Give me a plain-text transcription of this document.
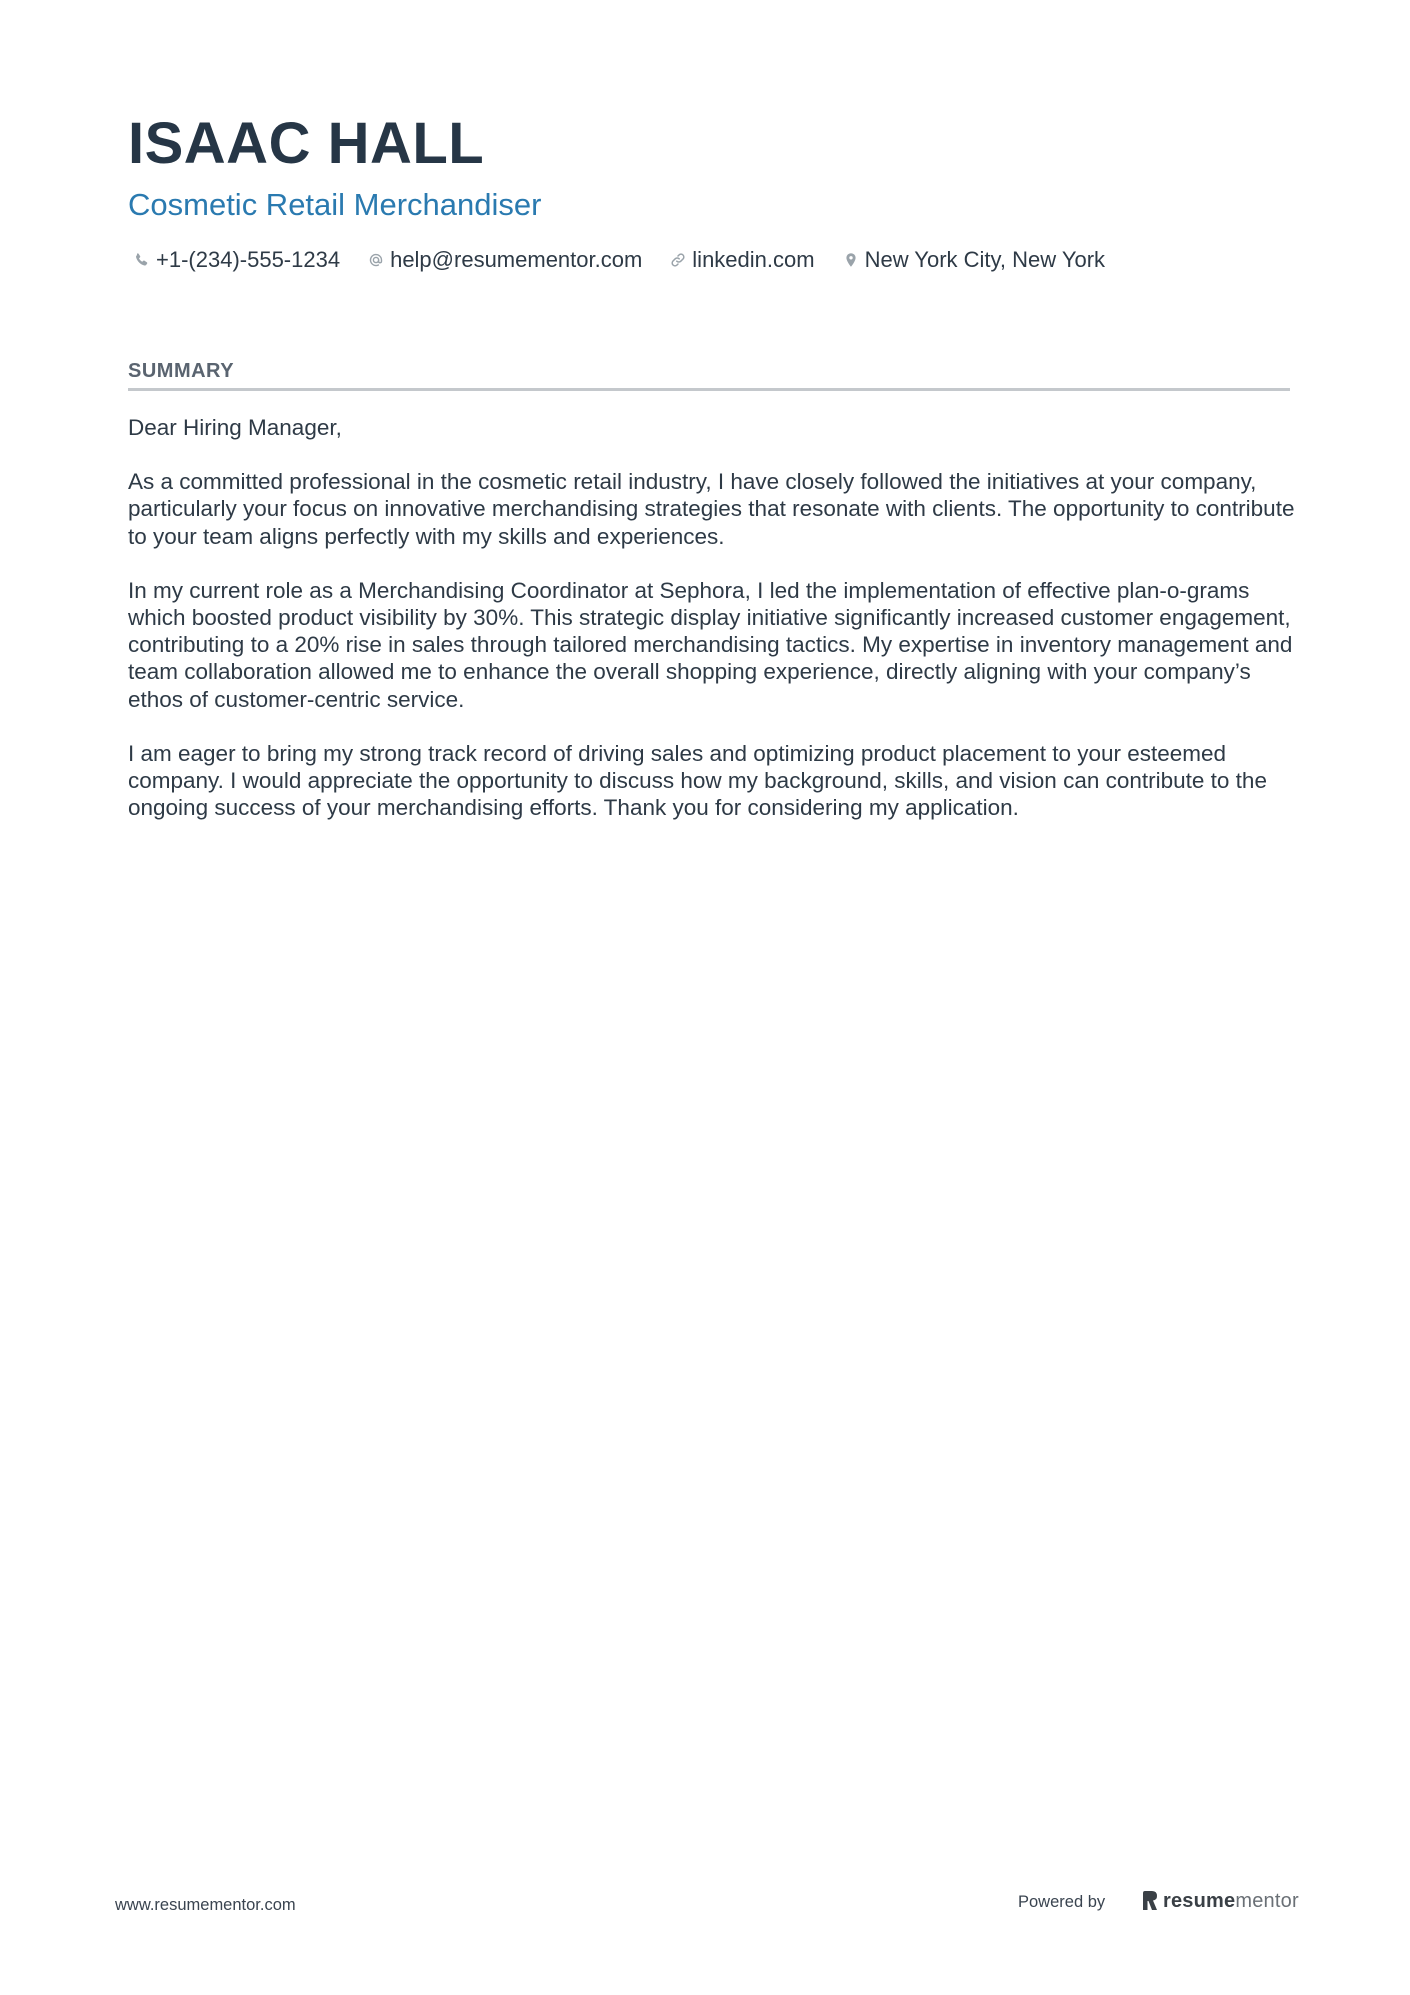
ISAAC HALL
Cosmetic Retail Merchandiser
+1-(234)-555-1234 help@resumementor.com linkedin.com New York City, New York
SUMMARY

Dear Hiring Manager,

As a committed professional in the cosmetic retail industry, I have closely followed the initiatives at your company, particularly your focus on innovative merchandising strategies that resonate with clients. The opportunity to contribute to your team aligns perfectly with my skills and experiences.

In my current role as a Merchandising Coordinator at Sephora, I led the implementation of effective plan-o-grams which boosted product visibility by 30%. This strategic display initiative significantly increased customer engagement, contributing to a 20% rise in sales through tailored merchandising tactics. My expertise in inventory management and team collaboration allowed me to enhance the overall shopping experience, directly aligning with your company’s ethos of customer-centric service.

I am eager to bring my strong track record of driving sales and optimizing product placement to your esteemed company. I would appreciate the opportunity to discuss how my background, skills, and vision can contribute to the ongoing success of your merchandising efforts. Thank you for considering my application.

www.resumementor.com	Powered by	resumementor
